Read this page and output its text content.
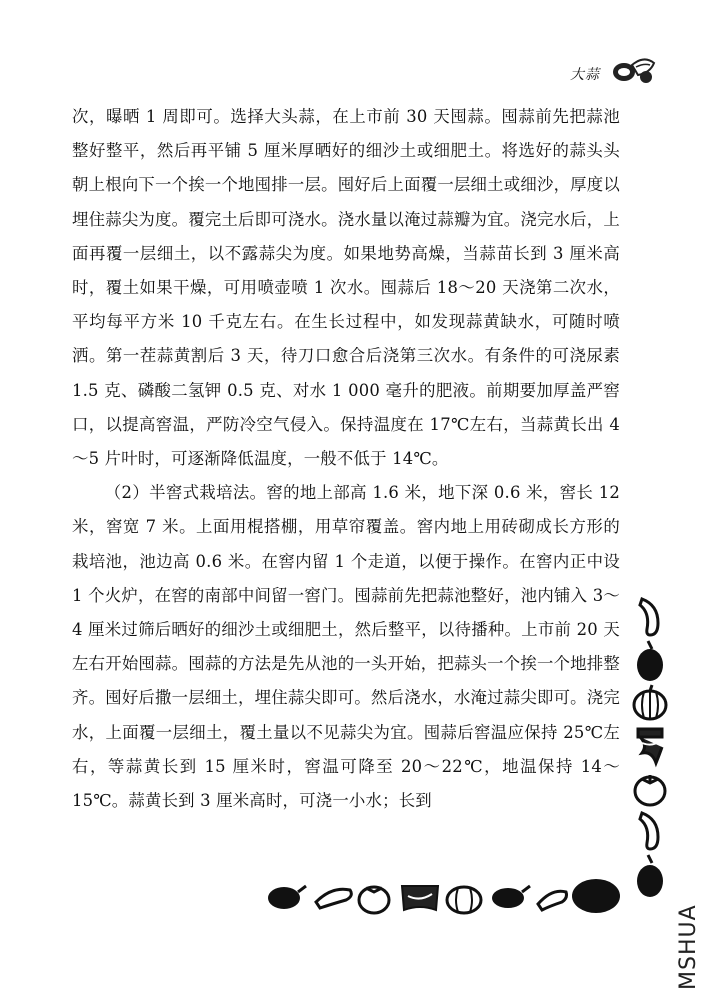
大蒜

次，曝晒 1 周即可。选择大头蒜，在上市前 30 天囤蒜。囤蒜前先把蒜池整好整平，然后再平铺 5 厘米厚晒好的细沙土或细肥土。将选好的蒜头头朝上根向下一个挨一个地囤排一层。囤好后上面覆一层细土或细沙，厚度以埋住蒜尖为度。覆完土后即可浇水。浇水量以淹过蒜瓣为宜。浇完水后，上面再覆一层细土，以不露蒜尖为度。如果地势高燥，当蒜苗长到 3 厘米高时，覆土如果干燥，可用喷壶喷 1 次水。囤蒜后 18～20 天浇第二次水，平均每平方米 10 千克左右。在生长过程中，如发现蒜黄缺水，可随时喷洒。第一茬蒜黄割后 3 天，待刀口愈合后浇第三次水。有条件的可浇尿素 1.5 克、磷酸二氢钾 0.5 克、对水 1 000 毫升的肥液。前期要加厚盖严窖口，以提高窖温，严防冷空气侵入。保持温度在 17℃左右，当蒜黄长出 4～5 片叶时，可逐渐降低温度，一般不低于 14℃。

（2）半窖式栽培法。窖的地上部高 1.6 米，地下深 0.6 米，窖长 12 米，窖宽 7 米。上面用棍搭棚，用草帘覆盖。窖内地上用砖砌成长方形的栽培池，池边高 0.6 米。在窖内留 1 个走道，以便于操作。在窖内正中设 1 个火炉，在窖的南部中间留一窖门。囤蒜前先把蒜池整好，池内铺入 3～4 厘米过筛后晒好的细沙土或细肥土，然后整平，以待播种。上市前 20 天左右开始囤蒜。囤蒜的方法是先从池的一头开始，把蒜头一个挨一个地排整齐。囤好后撒一层细土，埋住蒜尖即可。然后浇水，水淹过蒜尖即可。浇完水，上面覆一层细土，覆土量以不见蒜尖为宜。囤蒜后窖温应保持 25℃左右，等蒜黄长到 15 厘米时，窖温可降至 20～22℃，地温保持 14～15℃。蒜黄长到 3 厘米高时，可浇一小水；长到

MSHUA
